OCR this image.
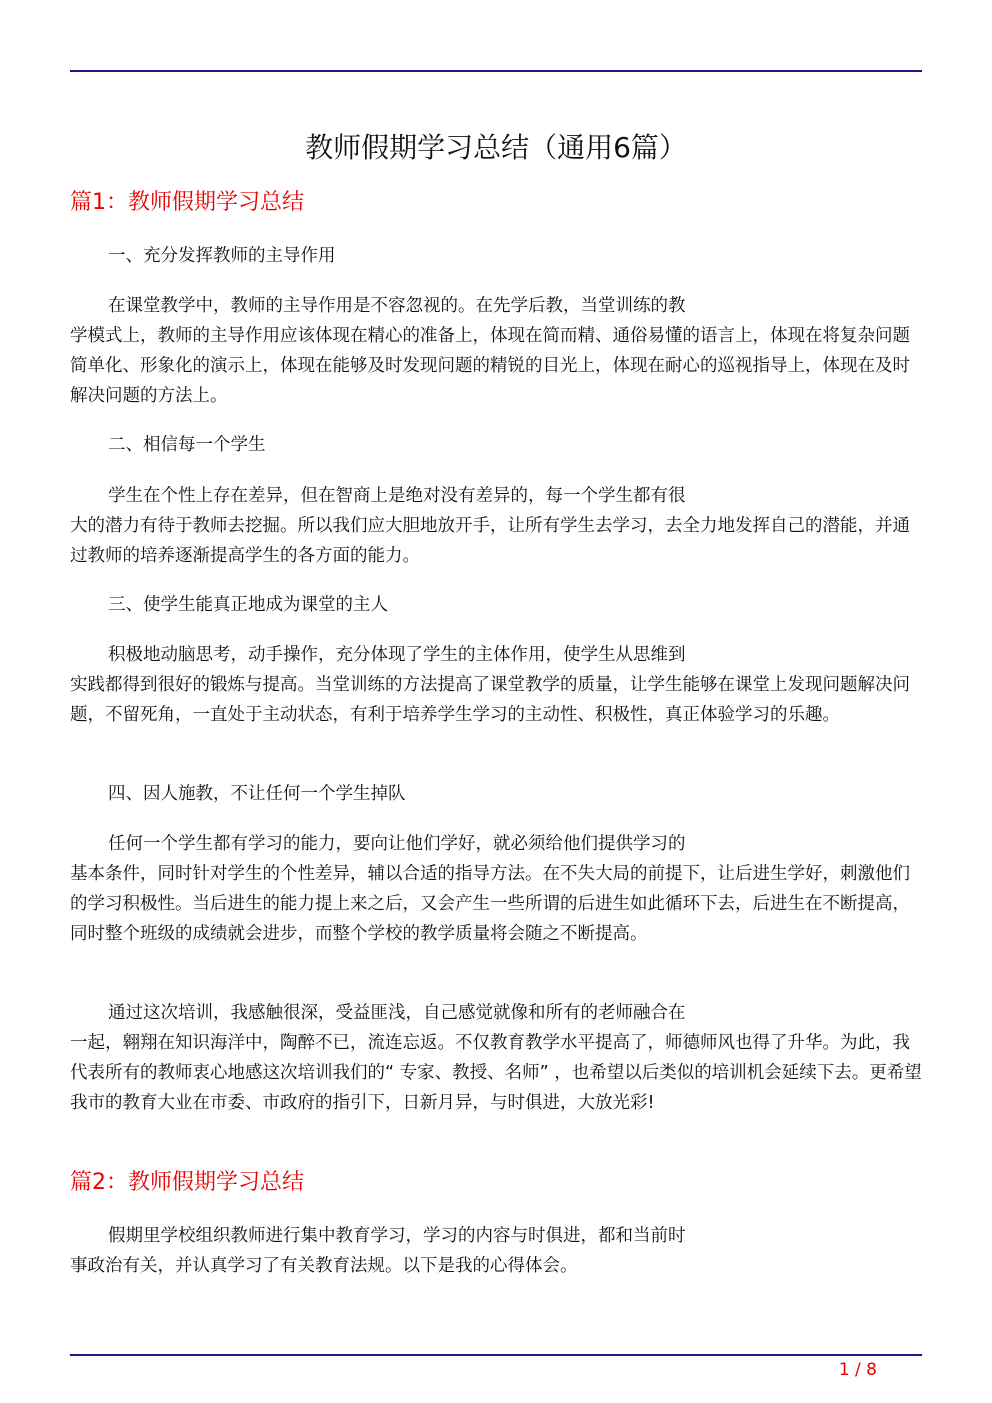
教师假期学习总结（通用6篇）
篇1：教师假期学习总结

一、充分发挥教师的主导作用

在课堂教学中，教师的主导作用是不容忽视的。在先学后教，当堂训练的教
学模式上，教师的主导作用应该体现在精心的准备上，体现在简而精、通俗易懂的语言上，体现在将复杂问题简单化、形象化的演示上，体现在能够及时发现问题的精锐的目光上，体现在耐心的巡视指导上，体现在及时解决问题的方法上。

二、相信每一个学生

学生在个性上存在差异，但在智商上是绝对没有差异的，每一个学生都有很
大的潜力有待于教师去挖掘。所以我们应大胆地放开手，让所有学生去学习，去全力地发挥自己的潜能，并通过教师的培养逐渐提高学生的各方面的能力。

三、使学生能真正地成为课堂的主人

积极地动脑思考，动手操作，充分体现了学生的主体作用，使学生从思维到
实践都得到很好的锻炼与提高。当堂训练的方法提高了课堂教学的质量，让学生能够在课堂上发现问题解决问题，不留死角，一直处于主动状态，有利于培养学生学习的主动性、积极性，真正体验学习的乐趣。

四、因人施教，不让任何一个学生掉队

任何一个学生都有学习的能力，要向让他们学好，就必须给他们提供学习的
基本条件，同时针对学生的个性差异，辅以合适的指导方法。在不失大局的前提下，让后进生学好，刺激他们的学习积极性。当后进生的能力提上来之后，又会产生一些所谓的后进生如此循环下去，后进生在不断提高，同时整个班级的成绩就会进步，而整个学校的教学质量将会随之不断提高。

通过这次培训，我感触很深，受益匪浅，自己感觉就像和所有的老师融合在
一起，翱翔在知识海洋中，陶醉不已，流连忘返。不仅教育教学水平提高了，师德师风也得了升华。为此，我代表所有的教师衷心地感这次培训我们的“ 专家、教授、名师” ，也希望以后类似的培训机会延续下去。更希望我市的教育大业在市委、市政府的指引下，日新月异，与时俱进，大放光彩!

篇2：教师假期学习总结

假期里学校组织教师进行集中教育学习，学习的内容与时俱进，都和当前时
事政治有关，并认真学习了有关教育法规。以下是我的心得体会。

1 / 8
